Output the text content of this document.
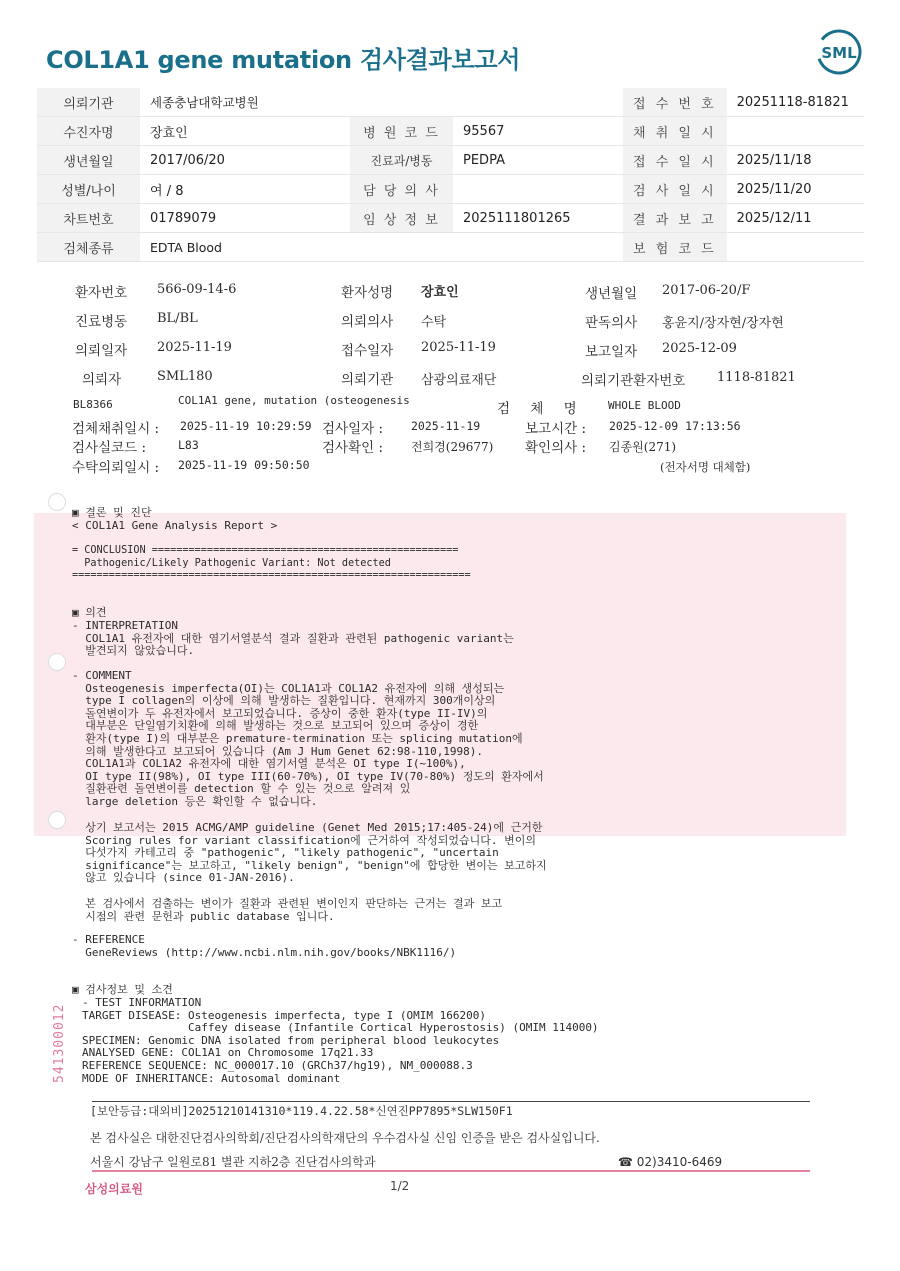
COL1A1 gene mutation 검사결과보고서	SML
의뢰기관	세종충남대학교병원			접 수 번 호	20251118-81821
수진자명	장효인	병 원 코 드	95567	채 취 일 시	
생년월일	2017/06/20	진료과/병동	PEDPA	접 수 일 시	2025/11/18
성별/나이	여 / 8	담 당 의 사		검 사 일 시	2025/11/20
차트번호	01789079	임 상 정 보	2025111801265	결 과 보 고	2025/12/11
검체종류	EDTA Blood			보 험 코 드	
환자번호 566-09-14-6	환자성명 장효인	생년월일 2017-06-20/F
진료병동 BL/BL	의뢰의사 수탁	판독의사 홍윤지/장자현/장자현
의뢰일자 2025-11-19	접수일자 2025-11-19	보고일자 2025-12-09
의뢰자	SML180	의뢰기관 삼광의료재단	의뢰기관환자번호 1118-81821
BL8366	COL1A1 gene, mutation (osteogenesis
검 체 명 WHOLE BLOOD
검체채취일시 : 2025-11-19 10:29:59 검사일자 : 2025-11-19	보고시간 : 2025-12-09 17:13:56
검사실코드 :	L83	검사확인 : 전희경(29677) 확인의사 : 김종원(271)
수탁의뢰일시 : 2025-11-19 09:50:50	(전자서명 대체함)
▣ 결론 및 진단
< COL1A1 Gene Analysis Report >
= CONCLUSION ==================================================
Pathogenic/Likely Pathogenic Variant: Not detected
=================================================================
▣ 의견
- INTERPRETATION
COL1A1 유전자에 대한 염기서열분석 결과 질환과 관련된 pathogenic variant는
발견되지 않았습니다.
- COMMENT
Osteogenesis imperfecta(OI)는 COL1A1과 COL1A2 유전자에 의해 생성되는
type I collagen의 이상에 의해 발생하는 질환입니다. 현재까지 300개이상의
돌연변이가 두 유전자에서 보고되었습니다. 증상이 중한 환자(type II-IV)의
대부분은 단일염기치환에 의해 발생하는 것으로 보고되어 있으며 증상이 경한
환자(type I)의 대부분은 premature-termination 또는 splicing mutation에
의해 발생한다고 보고되어 있습니다 (Am J Hum Genet 62:98-110,1998).
COL1A1과 COL1A2 유전자에 대한 염기서열 분석은 OI type I(~100%),
OI type II(98%), OI type III(60-70%), OI type IV(70-80%) 정도의 환자에서
질환관련 돌연변이를 detection 할 수 있는 것으로 알려져 있
large deletion 등은 확인할 수 없습니다.
상기 보고서는 2015 ACMG/AMP guideline (Genet Med 2015;17:405-24)에 근거한
Scoring rules for variant classification에 근거하여 작성되었습니다. 변이의
다섯가지 카테고리 중 "pathogenic", "likely pathogenic", "uncertain
significance"는 보고하고, "likely benign", "benign"에 합당한 변이는 보고하지
않고 있습니다 (since 01-JAN-2016).
본 검사에서 검출하는 변이가 질환과 관련된 변이인지 판단하는 근거는 결과 보고
시점의 관련 문헌과 public database 입니다.
- REFERENCE
GeneReviews (http://www.ncbi.nlm.nih.gov/books/NBK1116/)
▣ 검사정보 및 소견
- TEST INFORMATION
TARGET DISEASE: Osteogenesis imperfecta, type I (OMIM 166200)
Caffey disease (Infantile Cortical Hyperostosis) (OMIM 114000)
SPECIMEN: Genomic DNA isolated from peripheral blood leukocytes
ANALYSED GENE: COL1A1 on Chromosome 17q21.33
REFERENCE SEQUENCE: NC_000017.10 (GRCh37/hg19), NM_000088.3
MODE OF INHERITANCE: Autosomal dominant
541300012
[보안등급:대외비]20251210141310*119.4.22.58*신연진PP7895*SLW150F1
본 검사실은 대한진단검사의학회/진단검사의학재단의 우수검사실 신임 인증을 받은 검사실입니다.
서울시 강남구 일원로81 별관 지하2층 진단검사의학과	☎ 02)3410-6469
삼성의료원	1/2
